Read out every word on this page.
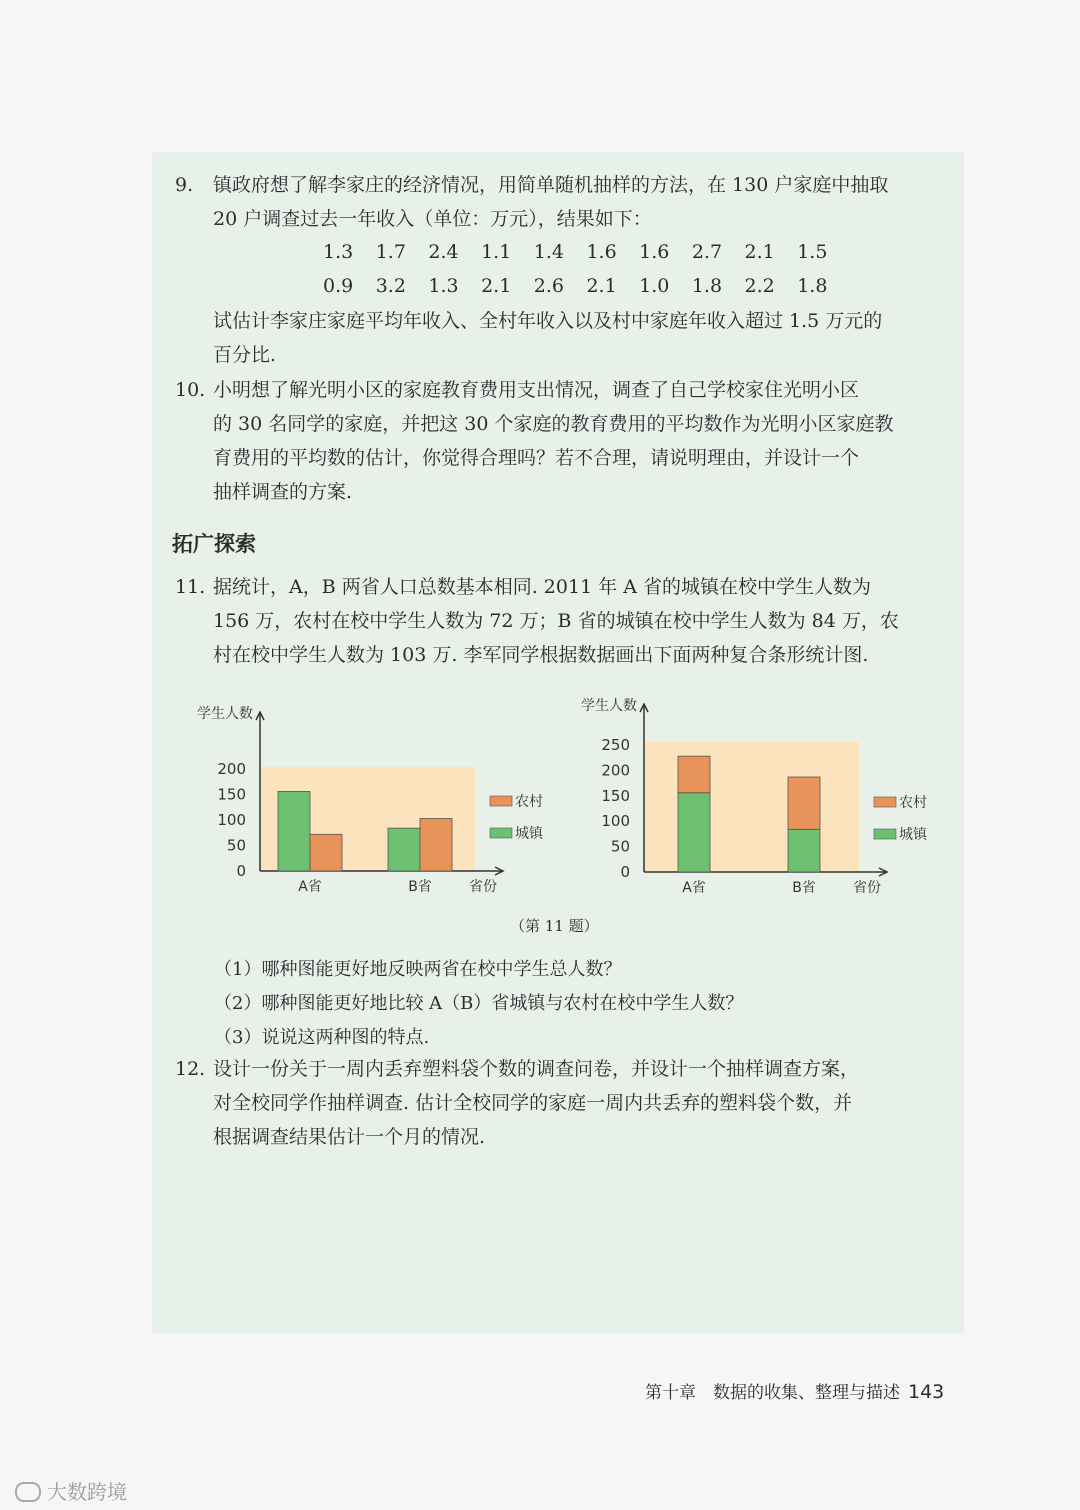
9. 镇政府想了解李家庄的经济情况，用简单随机抽样的方法，在 130 户家庭中抽取
20 户调查过去一年收入（单位：万元），结果如下：
1.3 1.7 2.4 1.1 1.4 1.6 1.6 2.7 2.1 1.5
0.9 3.2 1.3 2.1 2.6 2.1 1.0 1.8 2.2 1.8
试估计李家庄家庭平均年收入、全村年收入以及村中家庭年收入超过 1.5 万元的
百分比.
10. 小明想了解光明小区的家庭教育费用支出情况，调查了自己学校家住光明小区
的 30 名同学的家庭，并把这 30 个家庭的教育费用的平均数作为光明小区家庭教
育费用的平均数的估计，你觉得合理吗？若不合理，请说明理由，并设计一个
抽样调查的方案.
拓广探索
11. 据统计，A，B 两省人口总数基本相同. 2011 年 A 省的城镇在校中学生人数为
156 万，农村在校中学生人数为 72 万；B 省的城镇在校中学生人数为 84 万，农
村在校中学生人数为 103 万. 李军同学根据数据画出下面两种复合条形统计图.
学生人数
省份
0
50
100
150
200
A省	B省
农村
城镇
学生人数
省份
0
50
100
150
200
250
A省	B省
农村
城镇
（第 11 题）
（1）哪种图能更好地反映两省在校中学生总人数？
（2）哪种图能更好地比较 A（B）省城镇与农村在校中学生人数？
（3）说说这两种图的特点.
12. 设计一份关于一周内丢弃塑料袋个数的调查问卷，并设计一个抽样调查方案，
对全校同学作抽样调查. 估计全校同学的家庭一周内共丢弃的塑料袋个数，并
根据调查结果估计一个月的情况.
第十章　数据的收集、整理与描述 143
大数跨境
